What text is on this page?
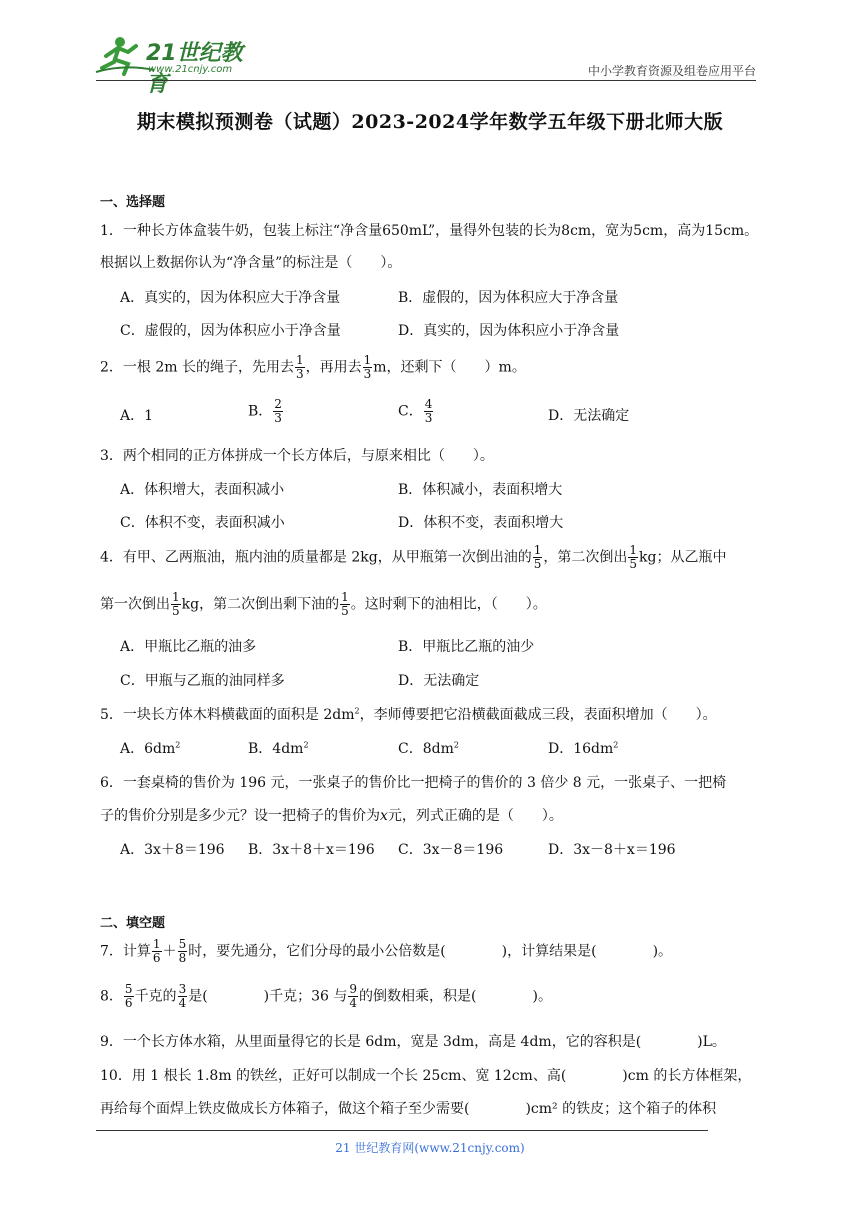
21世纪教育
www.21cnjy.com	中小学教育资源及组卷应用平台
期末模拟预测卷（试题）2023-2024学年数学五年级下册北师大版
一、选择题
1．一种长方体盒装牛奶，包装上标注“净含量650mL”，量得外包装的长为8cm，宽为5cm，高为15cm。
根据以上数据你认为“净含量”的标注是（　　）。
A．真实的，因为体积应大于净含量	B．虚假的，因为体积应大于净含量
C．虚假的，因为体积应小于净含量	D．真实的，因为体积应小于净含量
2．一根 2m 长的绳子，先用去 $\frac{1}{3}$ ，再用去 $\frac{1}{3}$ m，还剩下（　　）m。
A．1	B． $\frac{2}{3}$	C． $\frac{4}{3}$	D．无法确定
3．两个相同的正方体拼成一个长方体后，与原来相比（　　）。
A．体积增大，表面积减小	B．体积减小，表面积增大
C．体积不变，表面积减小	D．体积不变，表面积增大
4．有甲、乙两瓶油，瓶内油的质量都是 2kg，从甲瓶第一次倒出油的 $\frac{1}{5}$ ，第二次倒出 $\frac{1}{5}$ kg；从乙瓶中
第一次倒出 $\frac{1}{5}$ kg，第二次倒出剩下油的 $\frac{1}{5}$ 。这时剩下的油相比，（　　）。
A．甲瓶比乙瓶的油多	B．甲瓶比乙瓶的油少
C．甲瓶与乙瓶的油同样多	D．无法确定
5．一块长方体木料横截面的面积是 $2dm^2$，李师傅要把它沿横截面截成三段，表面积增加（　　）。
A．$6dm^2$	B．$4dm^2$	C．$8dm^2$	D．$16dm^2$
6．一套桌椅的售价为 196 元，一张桌子的售价比一把椅子的售价的 3 倍少 8 元，一张桌子、一把椅
子的售价分别是多少元？设一把椅子的售价为x元，列式正确的是（　　）。
A．3x＋8＝196 B．3x＋8＋x＝196 C．3x－8＝196	D．3x－8＋x＝196
二、填空题
7．计算 $\frac{1}{6} + \frac{5}{8}$ 时，要先通分，它们分母的最小公倍数是(　　　　)，计算结果是(　　　　)。
8． $\frac{5}{6}$ 千克的 $\frac{3}{4}$ 是(　　　　)千克；36 与 $\frac{9}{4}$ 的倒数相乘，积是(　　　　)。
9．一个长方体水箱，从里面量得它的长是 6dm，宽是 3dm，高是 4dm，它的容积是(　　　　)L。
10．用 1 根长 1.8m 的铁丝，正好可以制成一个长 25cm、宽 12cm、高(　　　　)cm 的长方体框架，
再给每个面焊上铁皮做成长方体箱子，做这个箱子至少需要(　　　　)cm² 的铁皮；这个箱子的体积
21 世纪教育网(www.21cnjy.com)
